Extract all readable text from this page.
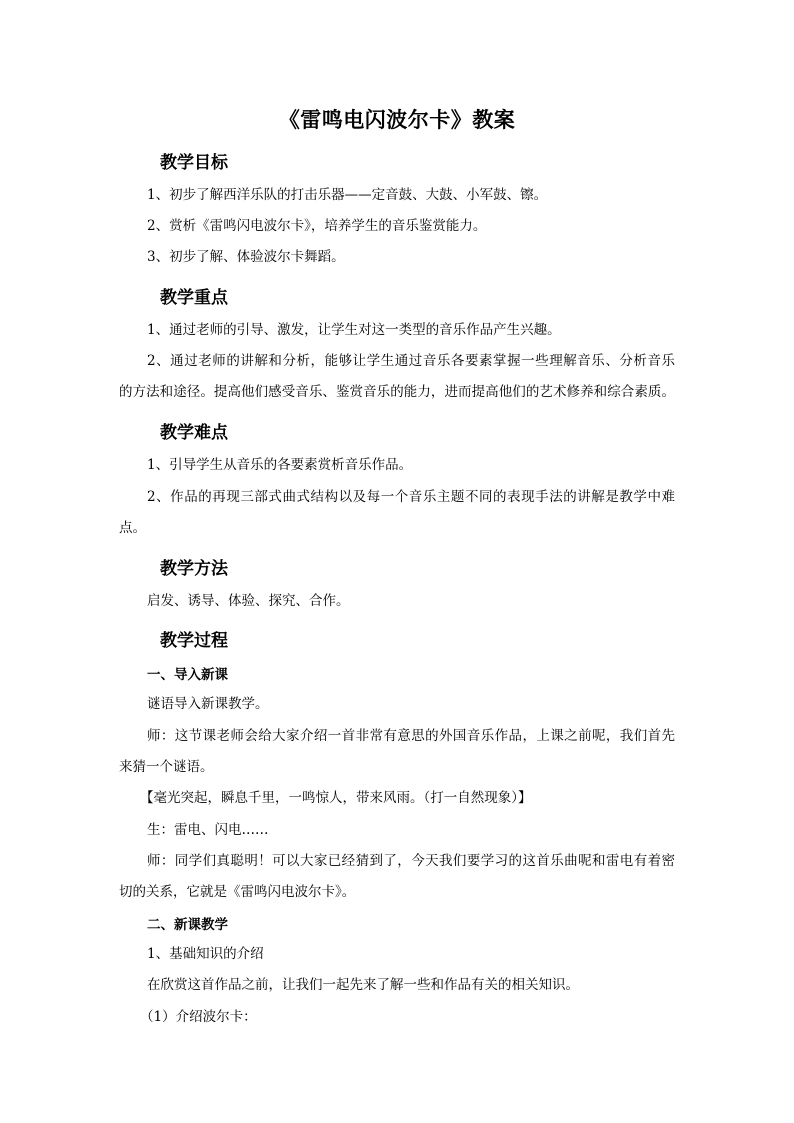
《雷鸣电闪波尔卡》教案
教学目标
1、初步了解西洋乐队的打击乐器——定音鼓、大鼓、小军鼓、镲。
2、赏析《雷鸣闪电波尔卡》，培养学生的音乐鉴赏能力。
3、初步了解、体验波尔卡舞蹈。
教学重点
1、通过老师的引导、激发，让学生对这一类型的音乐作品产生兴趣。
2、通过老师的讲解和分析，能够让学生通过音乐各要素掌握一些理解音乐、分析音乐
的方法和途径。提高他们感受音乐、鉴赏音乐的能力，进而提高他们的艺术修养和综合素质。
教学难点
1、引导学生从音乐的各要素赏析音乐作品。
2、作品的再现三部式曲式结构以及每一个音乐主题不同的表现手法的讲解是教学中难
点。
教学方法
启发、诱导、体验、探究、合作。
教学过程
一、导入新课
谜语导入新课教学。
师：这节课老师会给大家介绍一首非常有意思的外国音乐作品，上课之前呢，我们首先
来猜一个谜语。
【毫光突起，瞬息千里，一鸣惊人，带来风雨。（打一自然现象）】
生：雷电、闪电……
师：同学们真聪明！可以大家已经猜到了，今天我们要学习的这首乐曲呢和雷电有着密
切的关系，它就是《雷鸣闪电波尔卡》。
二、新课教学
1、基础知识的介绍
在欣赏这首作品之前，让我们一起先来了解一些和作品有关的相关知识。
（1）介绍波尔卡：
